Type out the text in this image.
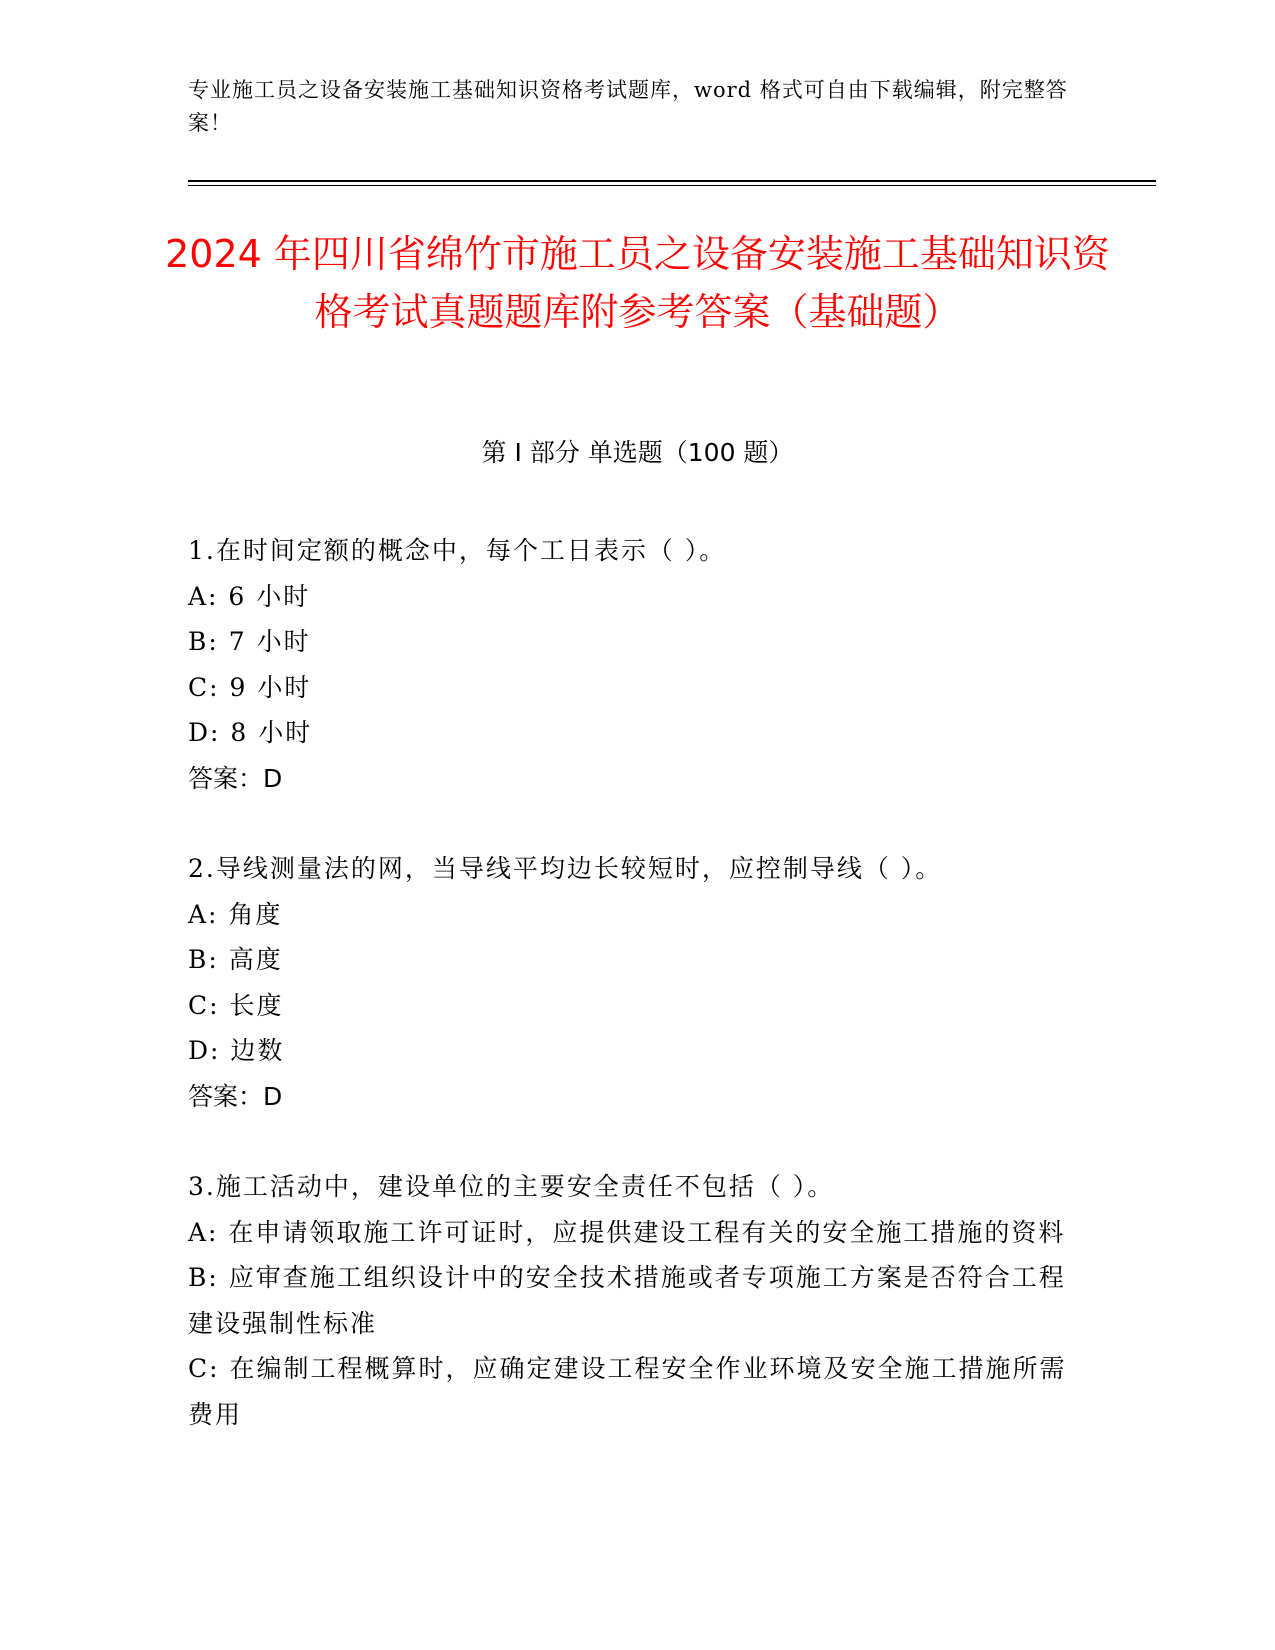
专业施工员之设备安装施工基础知识资格考试题库，word 格式可自由下载编辑，附完整答案！
2024 年四川省绵竹市施工员之设备安装施工基础知识资格考试真题题库附参考答案（基础题）
第 I 部分 单选题（100 题）
1.在时间定额的概念中，每个工日表示（ ）。
A: 6 小时
B: 7 小时
C: 9 小时
D: 8 小时
答案：D
2.导线测量法的网，当导线平均边长较短时，应控制导线（ ）。
A: 角度
B: 高度
C: 长度
D: 边数
答案：D
3.施工活动中，建设单位的主要安全责任不包括（ ）。
A: 在申请领取施工许可证时，应提供建设工程有关的安全施工措施的资料
B: 应审查施工组织设计中的安全技术措施或者专项施工方案是否符合工程建设强制性标准
C: 在编制工程概算时，应确定建设工程安全作业环境及安全施工措施所需费用
